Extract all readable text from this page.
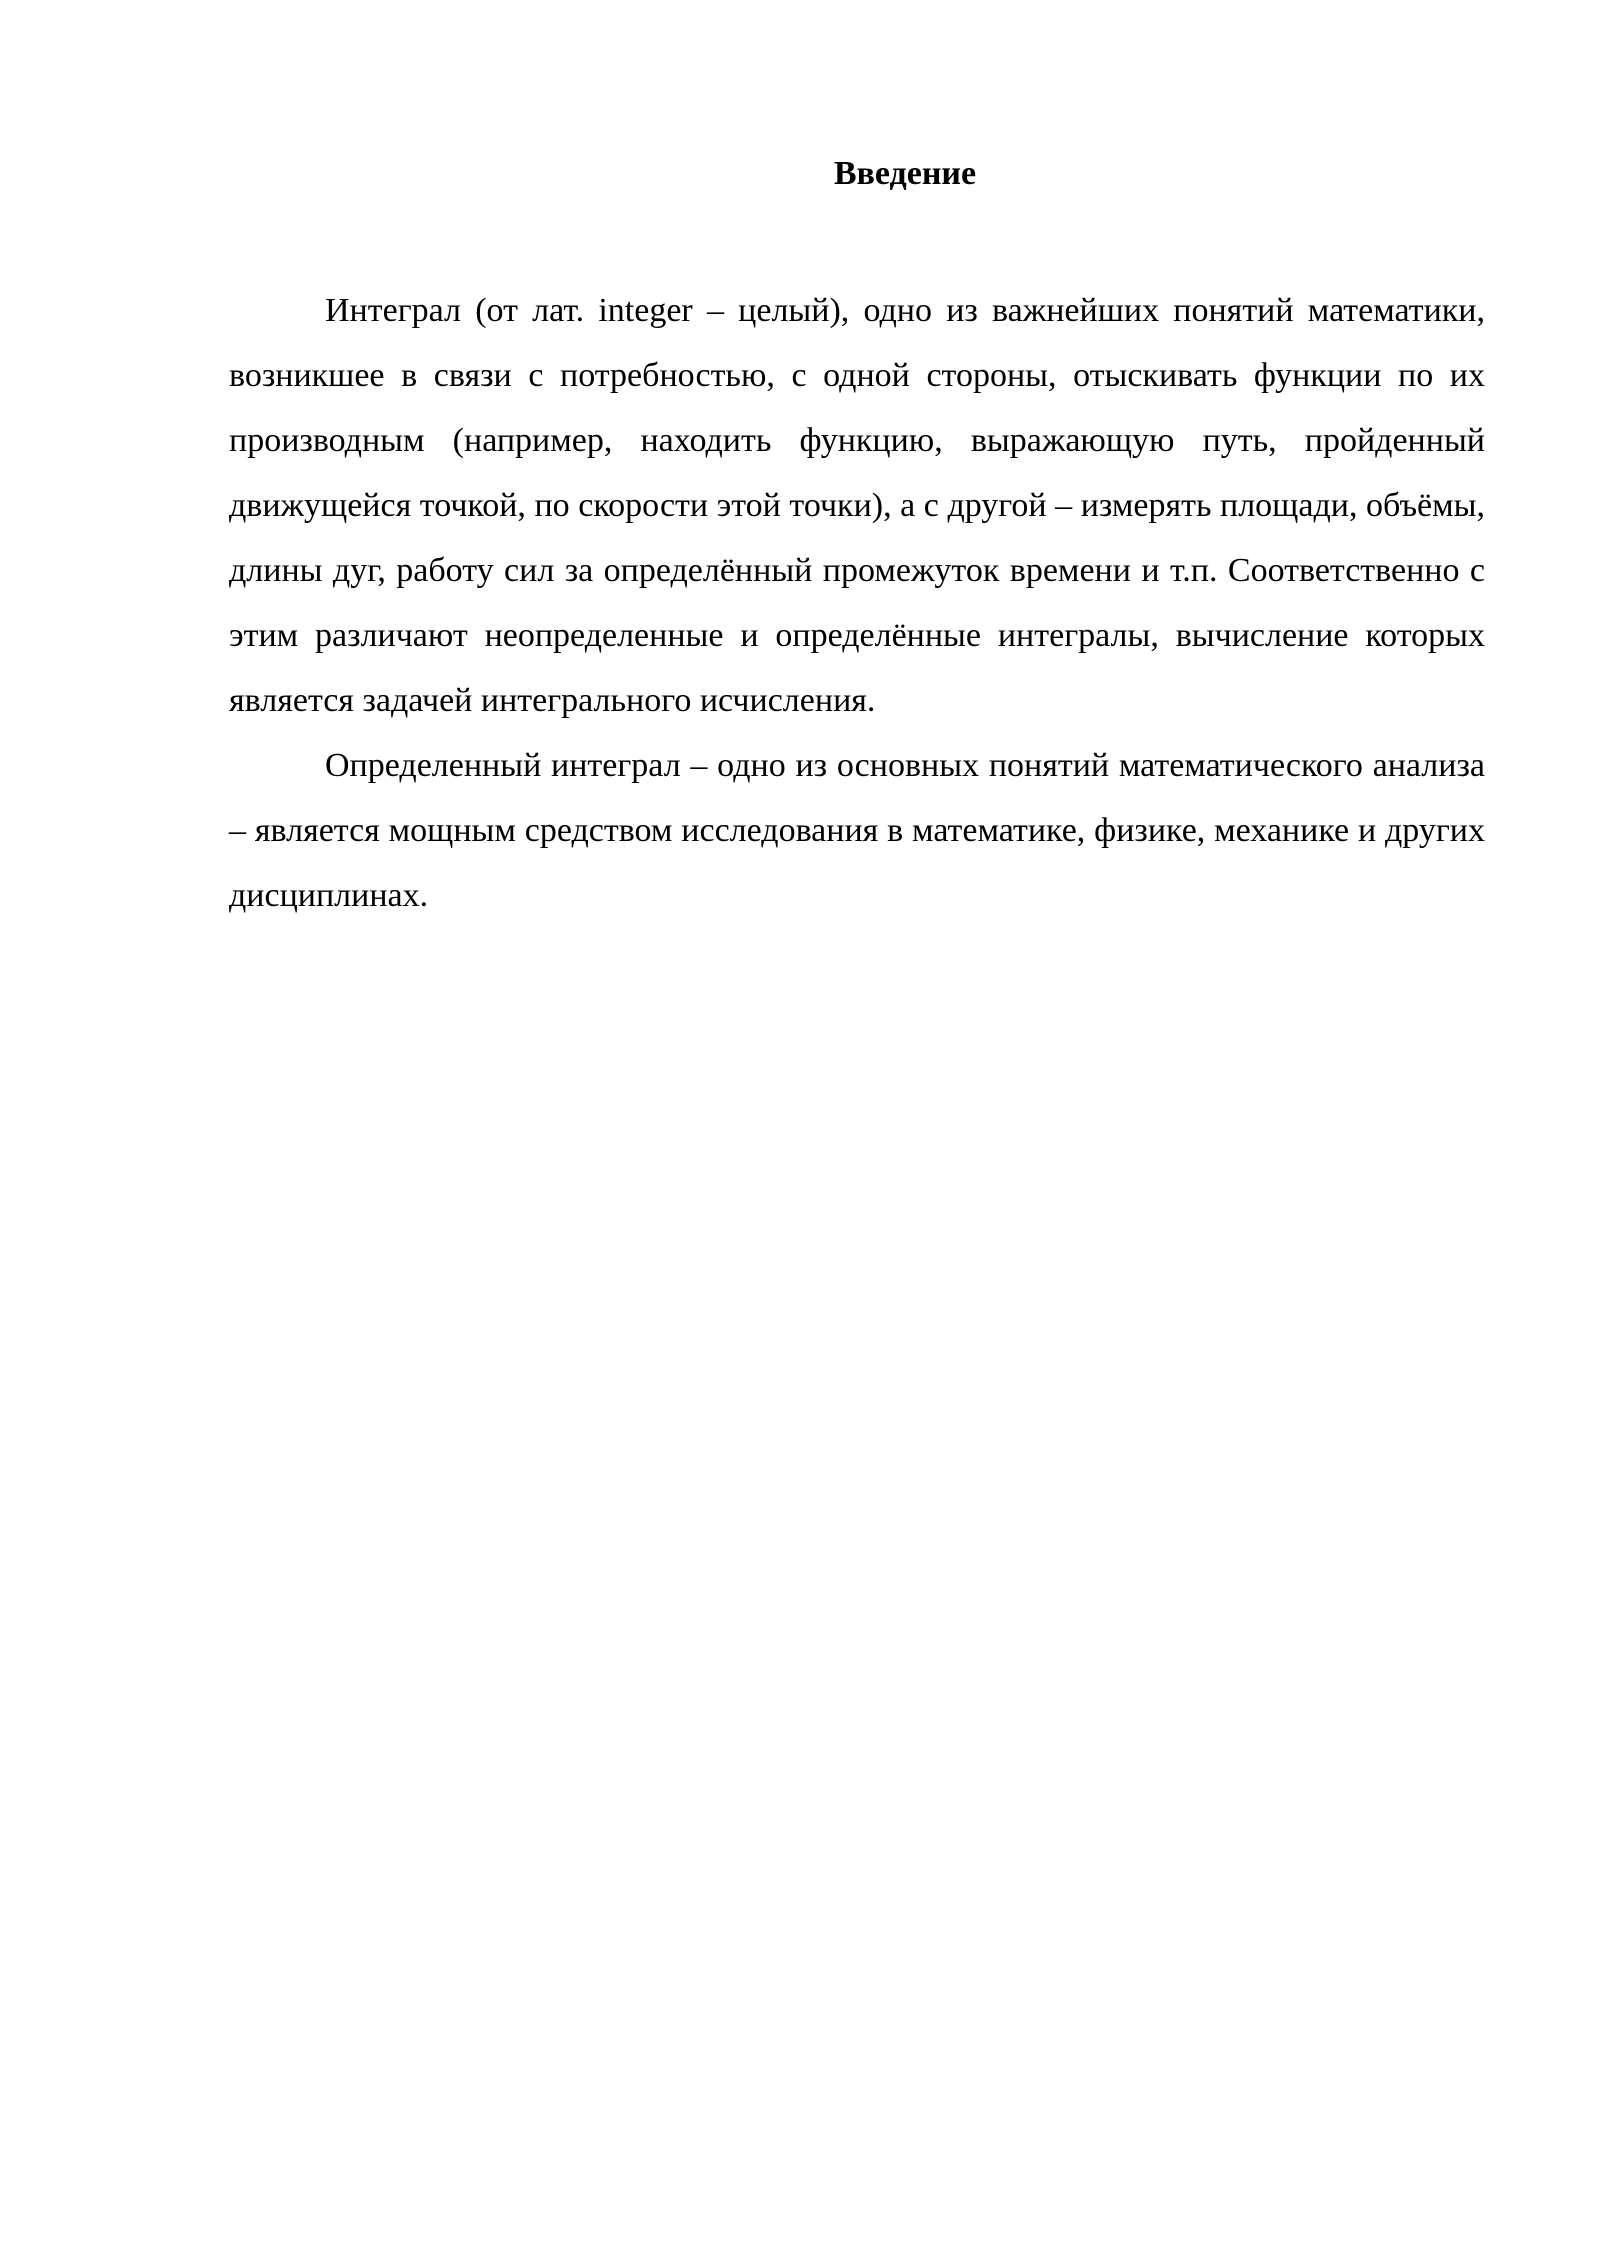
Введение

Интеграл (от лат. integer – целый), одно из важнейших понятий математики, возникшее в связи с потребностью, с одной стороны, отыскивать функции по их производным (например, находить функцию, выражающую путь, пройденный движущейся точкой, по скорости этой точки), а с другой – измерять площади, объёмы, длины дуг, работу сил за определённый промежуток времени и т.п. Соответственно с этим различают неопределенные и определённые интегралы, вычисление которых является задачей интегрального исчисления.

Определенный интеграл – одно из основных понятий математического анализа – является мощным средством исследования в математике, физике, механике и других дисциплинах.
